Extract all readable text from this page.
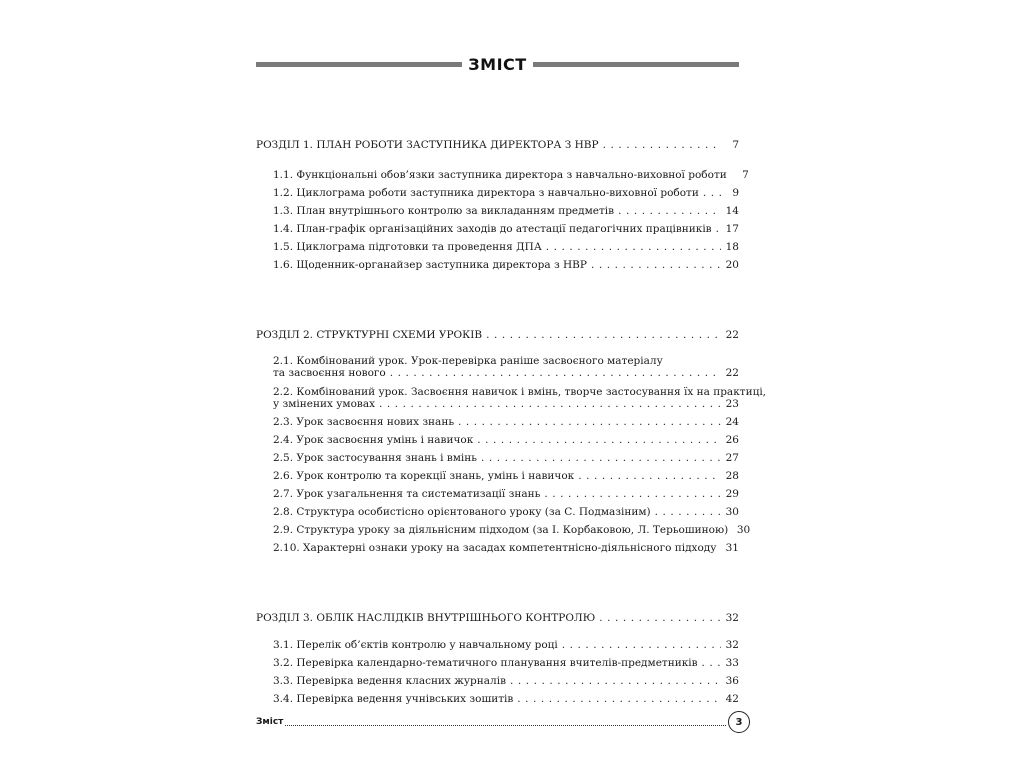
ЗМІСТ
РОЗДІЛ 1. ПЛАН РОБОТИ ЗАСТУПНИКА ДИРЕКТОРА З НВР . . .	7
1.1. Функціональні обов’язки заступника директора з навчально-виховної роботи	7
1.2. Циклограма роботи заступника директора з навчально-виховної роботи . . .	9
1.3. План внутрішнього контролю за викладанням предметів . . .	14
1.4. План-графік організаційних заходів до атестації педагогічних працівників . . . 17
1.5. Циклограма підготовки та проведення ДПА . . .	18
1.6. Щоденник-органайзер заступника директора з НВР . . .	20
РОЗДІЛ 2. СТРУКТУРНІ СХЕМИ УРОКІВ . . .	22
2.1. Комбінований урок. Урок-перевірка раніше засвоєного матеріалу
та засвоєння нового . . .	22
2.2. Комбінований урок. Засвоєння навичок і вмінь, творче застосування їх на практиці,
у змінених умовах . . .	23
2.3. Урок засвоєння нових знань . . .	24
2.4. Урок засвоєння умінь і навичок . . .	26
2.5. Урок застосування знань і вмінь . . .	27
2.6. Урок контролю та корекції знань, умінь і навичок . . .	28
2.7. Урок узагальнення та систематизації знань . . .	29
2.8. Структура особистісно орієнтованого уроку (за С. Подмазіним) . . .	30
2.9. Структура уроку за діяльнісним підходом (за І. Корбаковою, Л. Терьошиною) 30
2.10. Характерні ознаки уроку на засадах компетентнісно-діяльнісного підходу . . . 31
РОЗДІЛ 3. ОБЛІК НАСЛІДКІВ ВНУТРІШНЬОГО КОНТРОЛЮ . . .	32
3.1. Перелік об’єктів контролю у навчальному році . . .	32
3.2. Перевірка календарно-тематичного планування вчителів-предметників . . .	33
3.3. Перевірка ведення класних журналів . . .	36
3.4. Перевірка ведення учнівських зошитів . . .	42
Зміст	3
